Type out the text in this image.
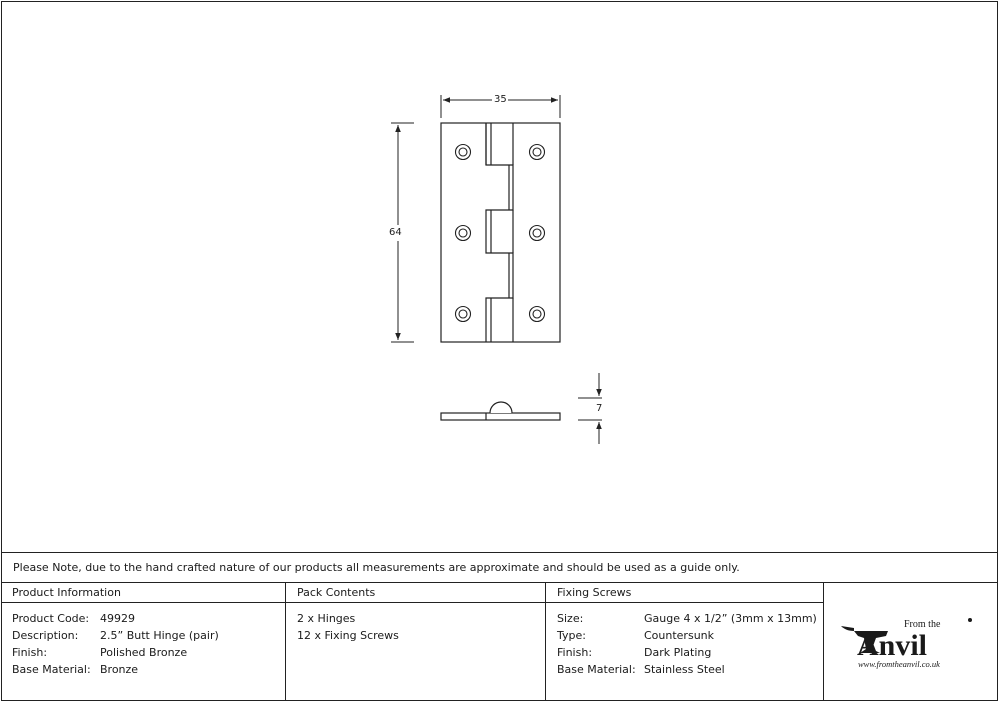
35
64
7
Please Note, due to the hand crafted nature of our products all measurements are approximate and should be used as a guide only.
Product Information
Product Code: 49929
Description: 2.5” Butt Hinge (pair)
Finish:	Polished Bronze
Base Material: Bronze
Pack Contents
2 x Hinges
12 x Fixing Screws
Fixing Screws
Size:	Gauge 4 x 1/2” (3mm x 13mm)
Type:	Countersunk
Finish:	Dark Plating
Base Material: Stainless Steel
From the
Anvil
www.fromtheanvil.co.uk
